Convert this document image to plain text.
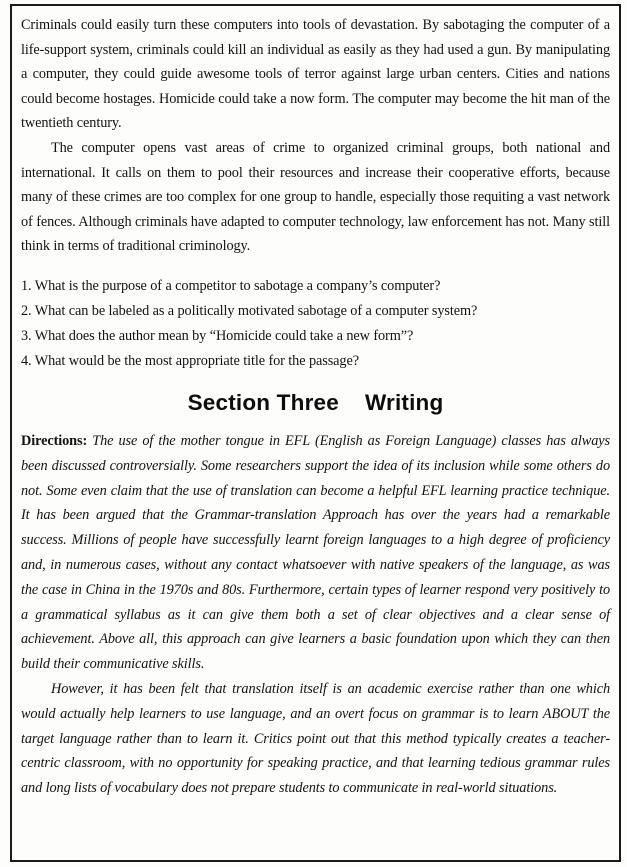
Criminals could easily turn these computers into tools of devastation. By sabotaging the computer of a life-support system, criminals could kill an individual as easily as they had used a gun. By manipulating a computer, they could guide awesome tools of terror against large urban centers. Cities and nations could become hostages. Homicide could take a now form. The computer may become the hit man of the twentieth century.

The computer opens vast areas of crime to organized criminal groups, both national and international. It calls on them to pool their resources and increase their cooperative efforts, because many of these crimes are too complex for one group to handle, especially those requiting a vast network of fences. Although criminals have adapted to computer technology, law enforcement has not. Many still think in terms of traditional criminology.

1. What is the purpose of a competitor to sabotage a company’s computer?

2. What can be labeled as a politically motivated sabotage of a computer system?

3. What does the author mean by “Homicide could take a new form”?

4. What would be the most appropriate title for the passage?

Section Three Writing

Directions: The use of the mother tongue in EFL (English as Foreign Language) classes has always been discussed controversially. Some researchers support the idea of its inclusion while some others do not. Some even claim that the use of translation can become a helpful EFL learning practice technique. It has been argued that the Grammar-translation Approach has over the years had a remarkable success. Millions of people have successfully learnt foreign languages to a high degree of proficiency and, in numerous cases, without any contact whatsoever with native speakers of the language, as was the case in China in the 1970s and 80s. Furthermore, certain types of learner respond very positively to a grammatical syllabus as it can give them both a set of clear objectives and a clear sense of achievement. Above all, this approach can give learners a basic foundation upon which they can then build their communicative skills.

However, it has been felt that translation itself is an academic exercise rather than one which would actually help learners to use language, and an overt focus on grammar is to learn ABOUT the target language rather than to learn it. Critics point out that this method typically creates a teacher-centric classroom, with no opportunity for speaking practice, and that learning tedious grammar rules and long lists of vocabulary does not prepare students to communicate in real-world situations.
